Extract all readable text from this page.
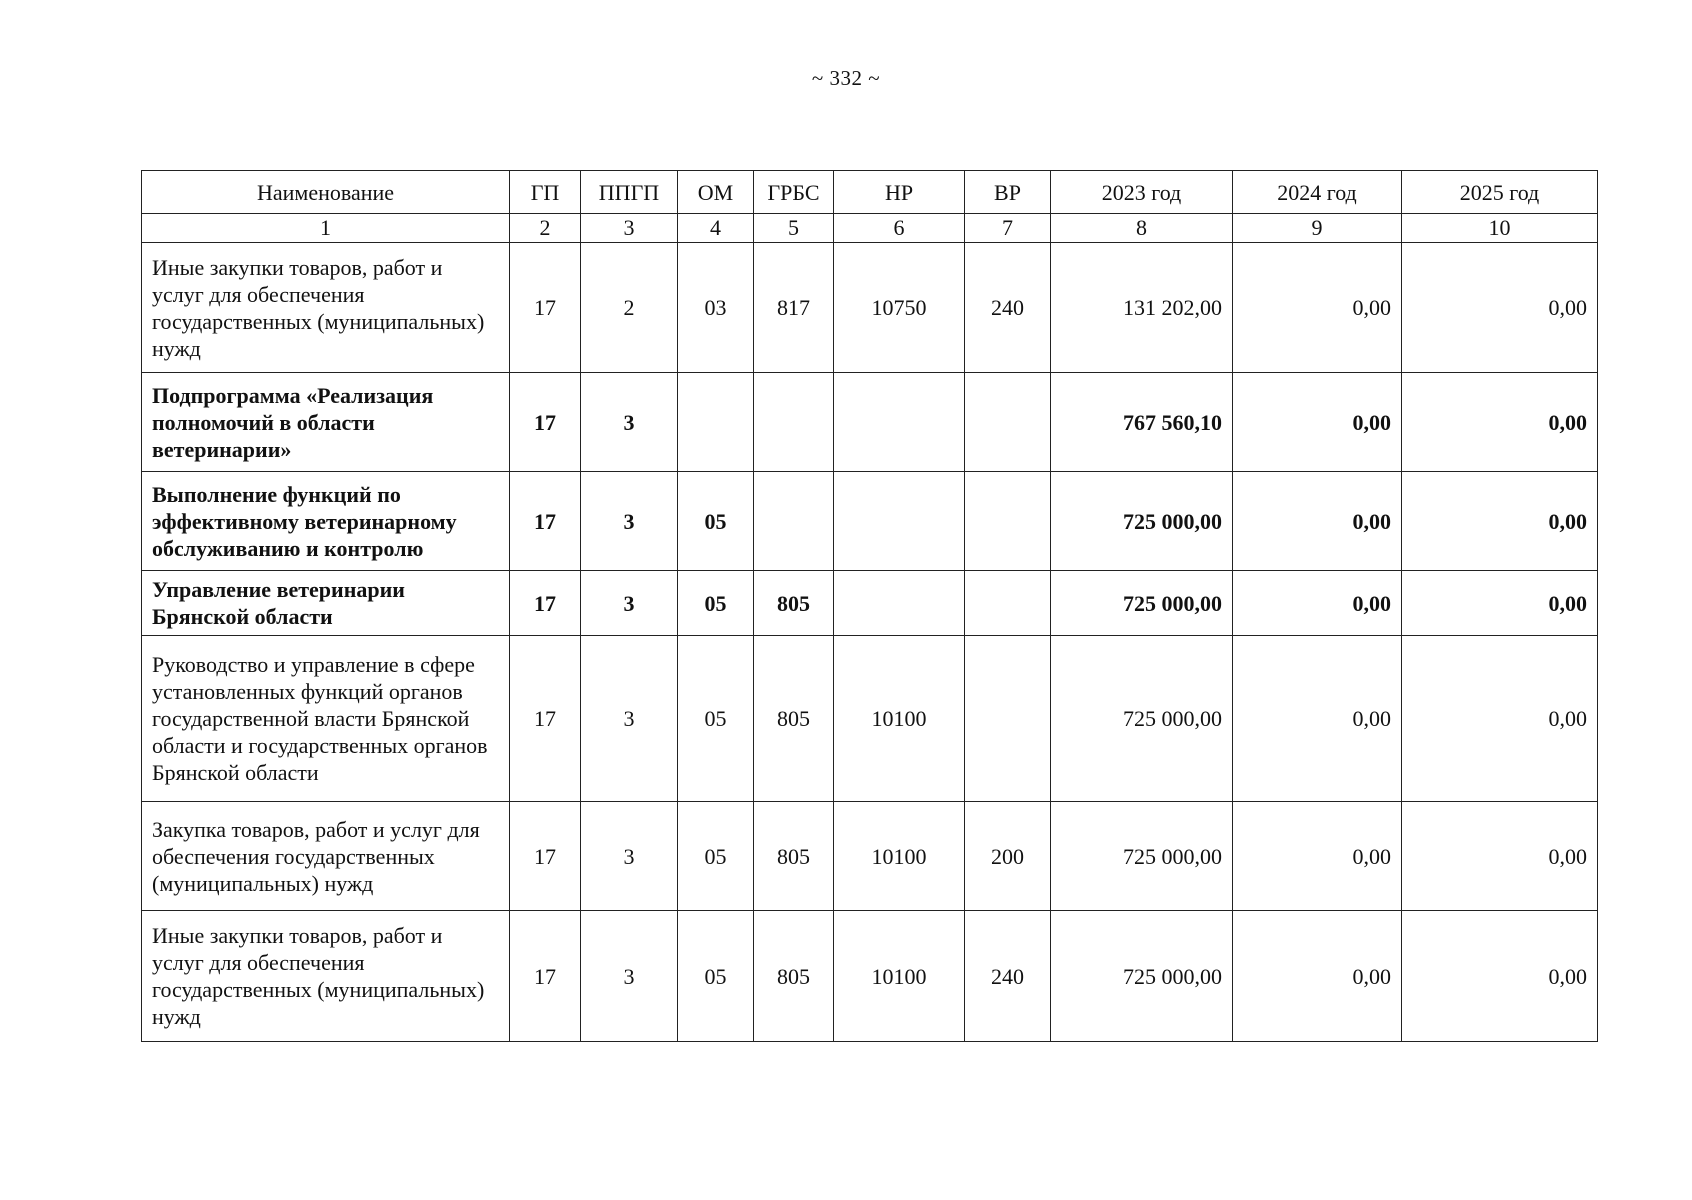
~ 332 ~
Наименование	ГП	ППГП	ОМ	ГРБС	НР	ВР	2023 год	2024 год	2025 год
1	2	3	4	5	6	7	8	9	10
Иные закупки товаров, работ и услуг для обеспечения государственных (муниципальных) нужд	17	2	03	817	10750	240	131 202,00	0,00	0,00
Подпрограмма «Реализация полномочий в области ветеринарии»	17	3					767 560,10	0,00	0,00
Выполнение функций по эффективному ветеринарному обслуживанию и контролю	17	3	05				725 000,00	0,00	0,00
Управление ветеринарии Брянской области	17	3	05	805			725 000,00	0,00	0,00
Руководство и управление в сфере установленных функций органов государственной власти Брянской области и государственных органов Брянской области	17	3	05	805	10100		725 000,00	0,00	0,00
Закупка товаров, работ и услуг для обеспечения государственных (муниципальных) нужд	17	3	05	805	10100	200	725 000,00	0,00	0,00
Иные закупки товаров, работ и услуг для обеспечения государственных (муниципальных) нужд	17	3	05	805	10100	240	725 000,00	0,00	0,00
